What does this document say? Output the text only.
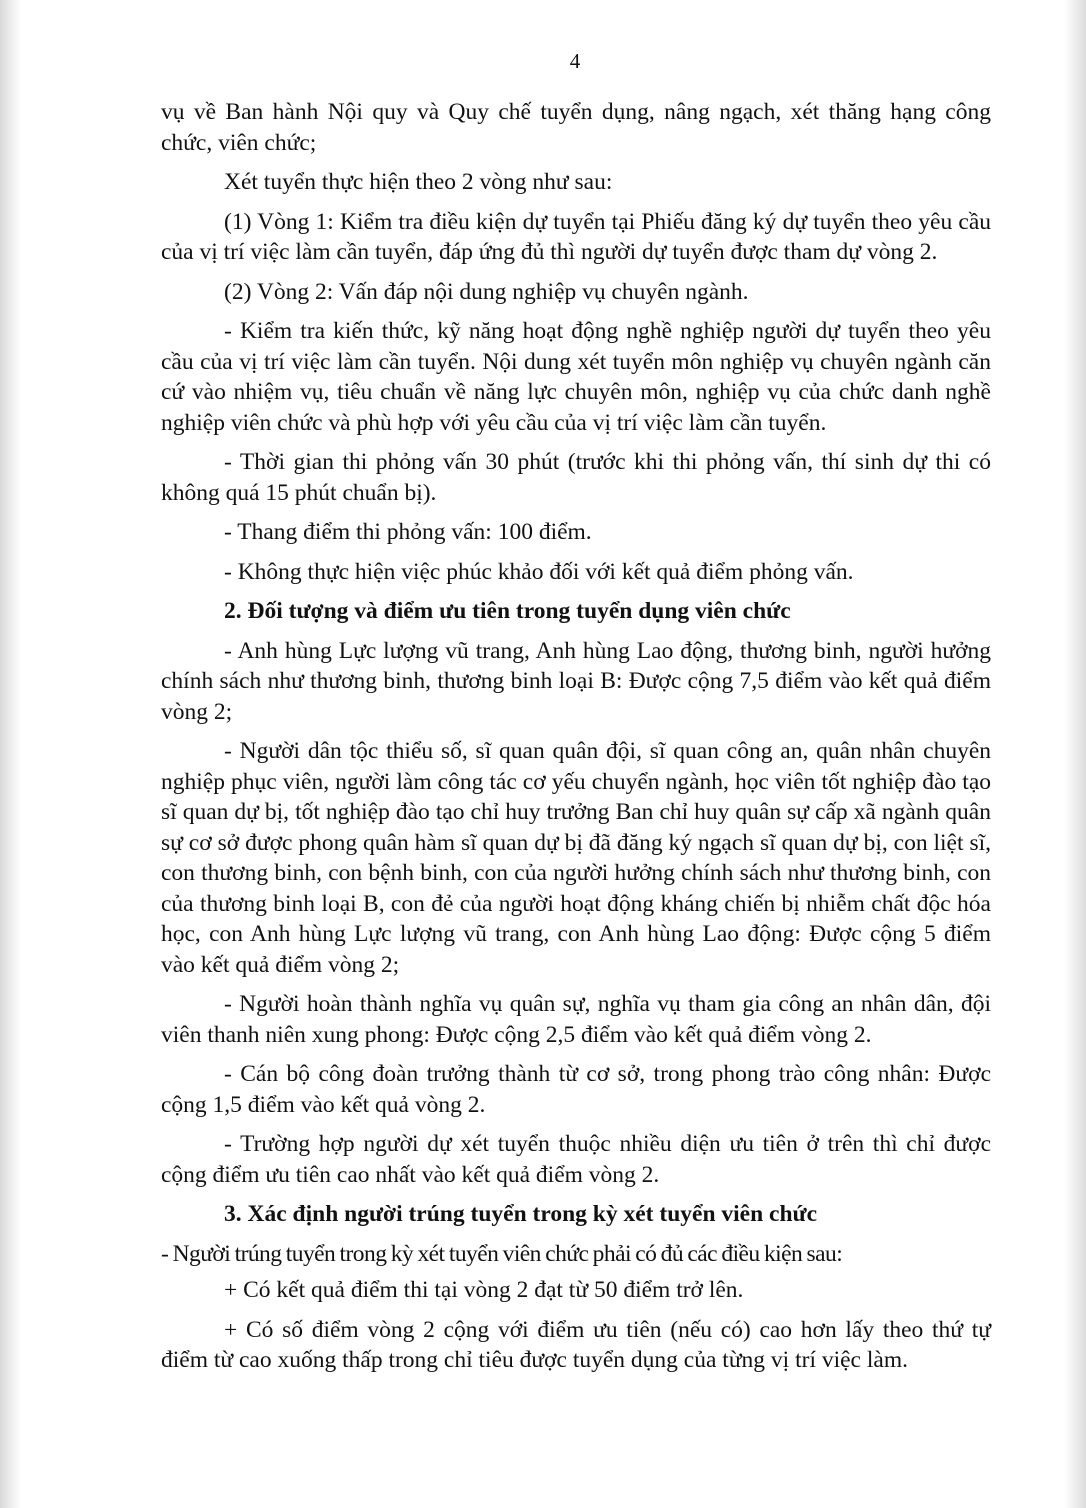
4

vụ về Ban hành Nội quy và Quy chế tuyển dụng, nâng ngạch, xét thăng hạng công chức, viên chức;

Xét tuyển thực hiện theo 2 vòng như sau:

(1) Vòng 1: Kiểm tra điều kiện dự tuyển tại Phiếu đăng ký dự tuyển theo yêu cầu của vị trí việc làm cần tuyển, đáp ứng đủ thì người dự tuyển được tham dự vòng 2.

(2) Vòng 2: Vấn đáp nội dung nghiệp vụ chuyên ngành.

- Kiểm tra kiến thức, kỹ năng hoạt động nghề nghiệp người dự tuyển theo yêu cầu của vị trí việc làm cần tuyển. Nội dung xét tuyển môn nghiệp vụ chuyên ngành căn cứ vào nhiệm vụ, tiêu chuẩn về năng lực chuyên môn, nghiệp vụ của chức danh nghề nghiệp viên chức và phù hợp với yêu cầu của vị trí việc làm cần tuyển.

- Thời gian thi phỏng vấn 30 phút (trước khi thi phỏng vấn, thí sinh dự thi có không quá 15 phút chuẩn bị).

- Thang điểm thi phỏng vấn: 100 điểm.

- Không thực hiện việc phúc khảo đối với kết quả điểm phỏng vấn.

2. Đối tượng và điểm ưu tiên trong tuyển dụng viên chức

- Anh hùng Lực lượng vũ trang, Anh hùng Lao động, thương binh, người hưởng chính sách như thương binh, thương binh loại B: Được cộng 7,5 điểm vào kết quả điểm vòng 2;

- Người dân tộc thiểu số, sĩ quan quân đội, sĩ quan công an, quân nhân chuyên nghiệp phục viên, người làm công tác cơ yếu chuyển ngành, học viên tốt nghiệp đào tạo sĩ quan dự bị, tốt nghiệp đào tạo chỉ huy trưởng Ban chỉ huy quân sự cấp xã ngành quân sự cơ sở được phong quân hàm sĩ quan dự bị đã đăng ký ngạch sĩ quan dự bị, con liệt sĩ, con thương binh, con bệnh binh, con của người hưởng chính sách như thương binh, con của thương binh loại B, con đẻ của người hoạt động kháng chiến bị nhiễm chất độc hóa học, con Anh hùng Lực lượng vũ trang, con Anh hùng Lao động: Được cộng 5 điểm vào kết quả điểm vòng 2;

- Người hoàn thành nghĩa vụ quân sự, nghĩa vụ tham gia công an nhân dân, đội viên thanh niên xung phong: Được cộng 2,5 điểm vào kết quả điểm vòng 2.

- Cán bộ công đoàn trưởng thành từ cơ sở, trong phong trào công nhân: Được cộng 1,5 điểm vào kết quả vòng 2.

- Trường hợp người dự xét tuyển thuộc nhiều diện ưu tiên ở trên thì chỉ được cộng điểm ưu tiên cao nhất vào kết quả điểm vòng 2.

3. Xác định người trúng tuyển trong kỳ xét tuyển viên chức

- Người trúng tuyển trong kỳ xét tuyển viên chức phải có đủ các điều kiện sau:

+ Có kết quả điểm thi tại vòng 2 đạt từ 50 điểm trở lên.

+ Có số điểm vòng 2 cộng với điểm ưu tiên (nếu có) cao hơn lấy theo thứ tự điểm từ cao xuống thấp trong chỉ tiêu được tuyển dụng của từng vị trí việc làm.
